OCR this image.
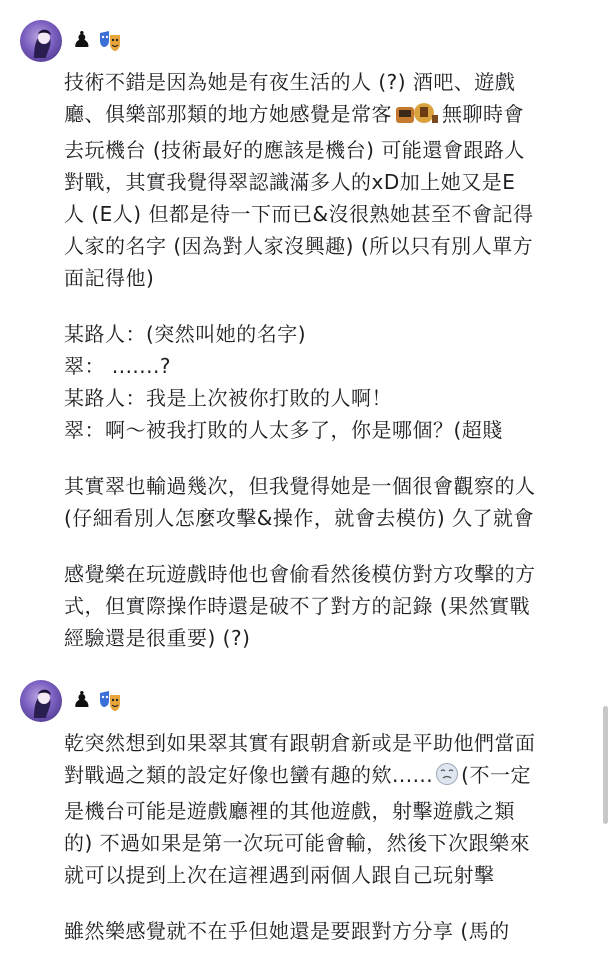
♟

技術不錯是因為她是有夜生活的人 (?) 酒吧、遊戲

廳、俱樂部那類的地方她感覺是常客	無聊時會

去玩機台 (技術最好的應該是機台) 可能還會跟路人

對戰，其實我覺得翠認識滿多人的xD加上她又是E

人 (E人) 但都是待一下而已&沒很熟她甚至不會記得

人家的名字 (因為對人家沒興趣) (所以只有別人單方

面記得他)

某路人：(突然叫她的名字)

翠： .......?

某路人：我是上次被你打敗的人啊！

翠：啊～被我打敗的人太多了，你是哪個？(超賤

其實翠也輸過幾次，但我覺得她是一個很會觀察的人

(仔細看別人怎麼攻擊&操作，就會去模仿) 久了就會

感覺樂在玩遊戲時他也會偷看然後模仿對方攻擊的方

式，但實際操作時還是破不了對方的記錄 (果然實戰

經驗還是很重要) (?)

♟

乾突然想到如果翠其實有跟朝倉新或是平助他們當面

對戰過之類的設定好像也蠻有趣的欸...... (不一定

是機台可能是遊戲廳裡的其他遊戲，射擊遊戲之類

的) 不過如果是第一次玩可能會輸，然後下次跟樂來

就可以提到上次在這裡遇到兩個人跟自己玩射擊

雖然樂感覺就不在乎但她還是要跟對方分享 (馬的
